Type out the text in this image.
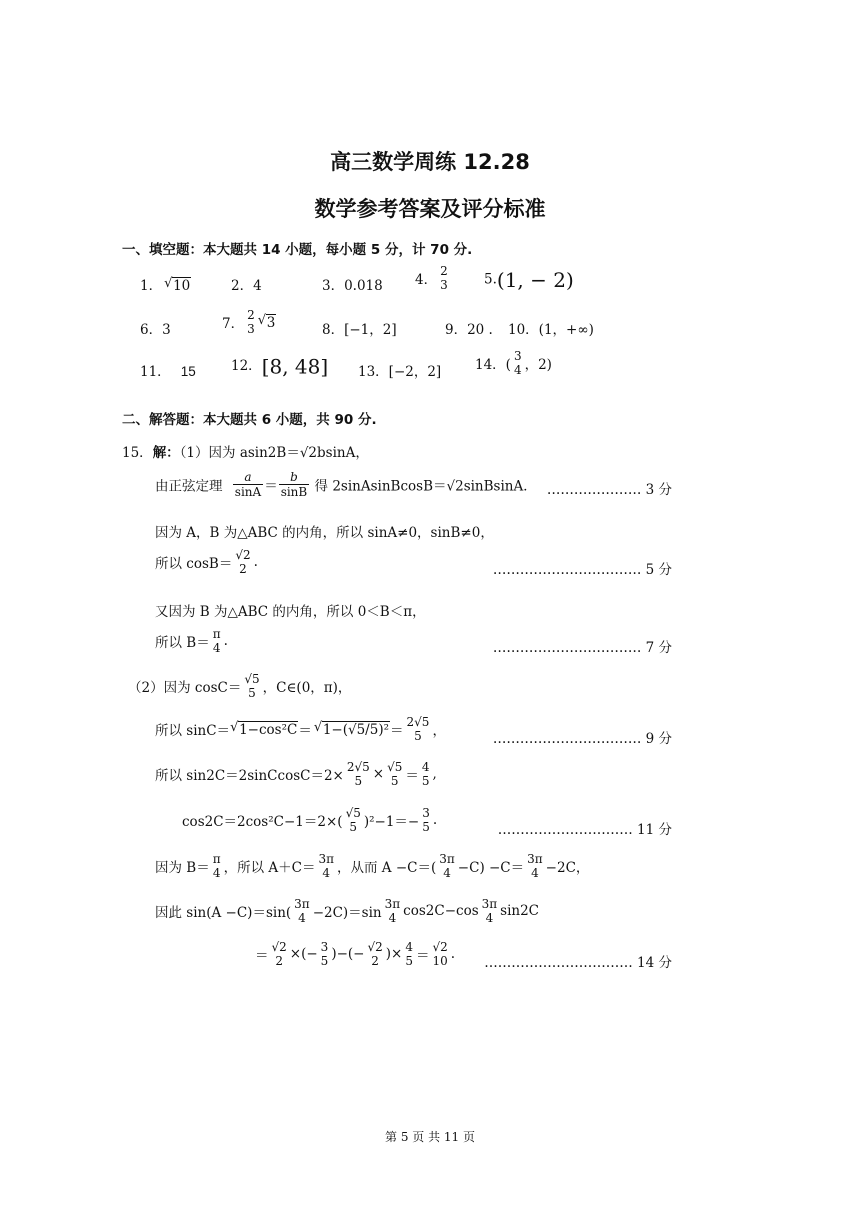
高三数学周练 12.28
数学参考答案及评分标准
一、填空题：本大题共 14 小题，每小题 5 分，计 70 分.
1． √ 10	2．4	3．0.018 4．
2
3	5.(1, − 2)
6．3	7．
2
3 √ 3	8．[−1，2]	9．20 . 10．(1，+∞)
11． 15	12．[8, 48] 13．[−2，2]	14．(
3
4 ，2)
二、解答题：本大题共 6 小题，共 90 分.
15．解：（1）因为 asin2B＝√2bsinA，
由正弦定理 $\frac{a}{\sin A} = \frac{b}{\sin B}$ 得 2sinAsinBcosB＝√2sinBsinA． ………………… 3 分
因为 A，B 为△ABC 的内角，所以 sinA≠0，sinB≠0，
所以 cosB＝
√2
2 .	…………………………… 5 分
又因为 B 为△ABC 的内角，所以 0＜B＜π，
所以 B＝
π
4 .	…………………………… 7 分
（2）因为 cosC＝
√5
5 ，C∈(0，π)，
所以 sinC＝ √ 1−cos²C＝ √ 1−(√5/5)²＝
2√5
5 ，	…………………………… 9 分
所以 sin2C＝2sinCcosC＝2×
2√5
5 × √5
5 ＝
4
5 ,
cos2C＝2cos²C−1＝2×(
√5
5 )²−1＝−
3
5 .
………………………… 11 分
因为 B＝
π
4 ，所以 A＋C＝
3π
4 ，从而 A −C＝(
3π
4 −C) −C＝
3π
4 −2C，
因此 sin(A −C)＝sin(
3π
4 −2C)＝sin
3π
4 cos2C−cos 3π
4 sin2C
＝
√2
2 ×(− 3
5 )−(− √2
2 )× 4
5 ＝
√2
10 .
…………………………… 14 分
第 5 页 共 11 页
